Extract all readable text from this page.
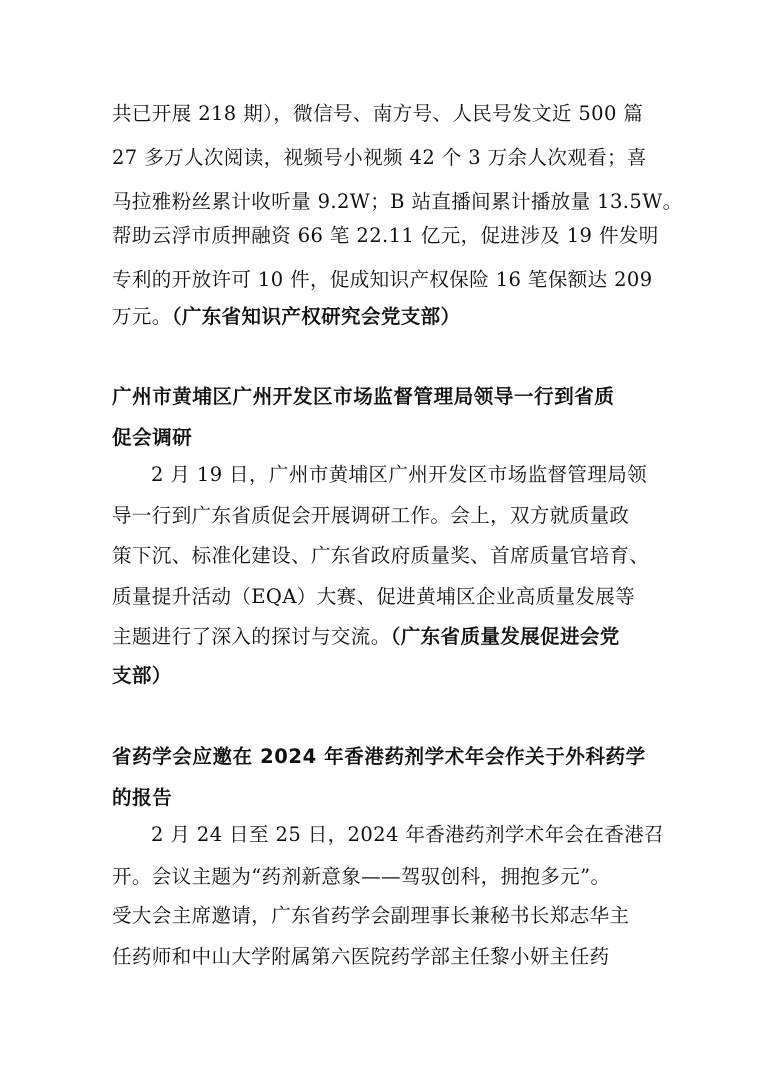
共已开展 218 期），微信号、南方号、人民号发文近 500 篇
27 多万人次阅读，视频号小视频 42 个 3 万余人次观看；喜
马拉雅粉丝累计收听量 9.2W；B 站直播间累计播放量 13.5W。
帮助云浮市质押融资 66 笔 22.11 亿元，促进涉及 19 件发明
专利的开放许可 10 件，促成知识产权保险 16 笔保额达 209
万元。（广东省知识产权研究会党支部）
广州市黄埔区广州开发区市场监督管理局领导一行到省质
促会调研
2 月 19 日，广州市黄埔区广州开发区市场监督管理局领
导一行到广东省质促会开展调研工作。会上，双方就质量政
策下沉、标准化建设、广东省政府质量奖、首席质量官培育、
质量提升活动（EQA）大赛、促进黄埔区企业高质量发展等
主题进行了深入的探讨与交流。（广东省质量发展促进会党
支部）
省药学会应邀在 2024 年香港药剂学术年会作关于外科药学
的报告
2 月 24 日至 25 日，2024 年香港药剂学术年会在香港召
开。会议主题为“药剂新意象——驾驭创科，拥抱多元”。
受大会主席邀请，广东省药学会副理事长兼秘书长郑志华主
任药师和中山大学附属第六医院药学部主任黎小妍主任药
